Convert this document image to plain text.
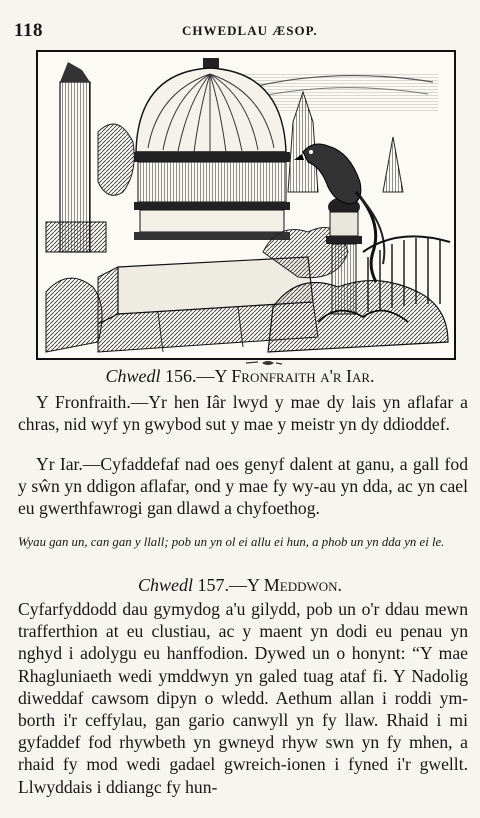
118	CHWEDLAU ÆSOP.
Chwedl 156.—Y Fronfraith a'r Iar.
Y Fronfraith.—Yr hen Iâr lwyd y mae dy lais yn aflafar a chras, nid wyf yn gwybod sut y mae y meistr yn dy ddioddef.
Yr Iar.—Cyfaddefaf nad oes genyf dalent at ganu, a gall fod y sŵn yn ddigon aflafar, ond y mae fy wy-au yn dda, ac yn cael eu gwerthfawrogi gan dlawd a chyfoethog.
Wyau gan un, can gan y llall; pob un yn ol ei allu ei hun, a phob un yn dda yn ei le.
Chwedl 157.—Y Meddwon.
Cyfarfyddodd dau gymydog a'u gilydd, pob un o'r ddau mewn trafferthion at eu clustiau, ac y maent yn dodi eu penau yn nghyd i adolygu eu hanffodion. Dywed un o honynt: “Y mae Rhagluniaeth wedi ymddwyn yn galed tuag ataf fi. Y Nadolig diweddaf cawsom dipyn o wledd. Aethum allan i roddi ym-borth i'r ceffylau, gan gario canwyll yn fy llaw. Rhaid i mi gyfaddef fod rhywbeth yn gwneyd rhyw swn yn fy mhen, a rhaid fy mod wedi gadael gwreich-ionen i fyned i'r gwellt. Llwyddais i ddiangc fy hun-
